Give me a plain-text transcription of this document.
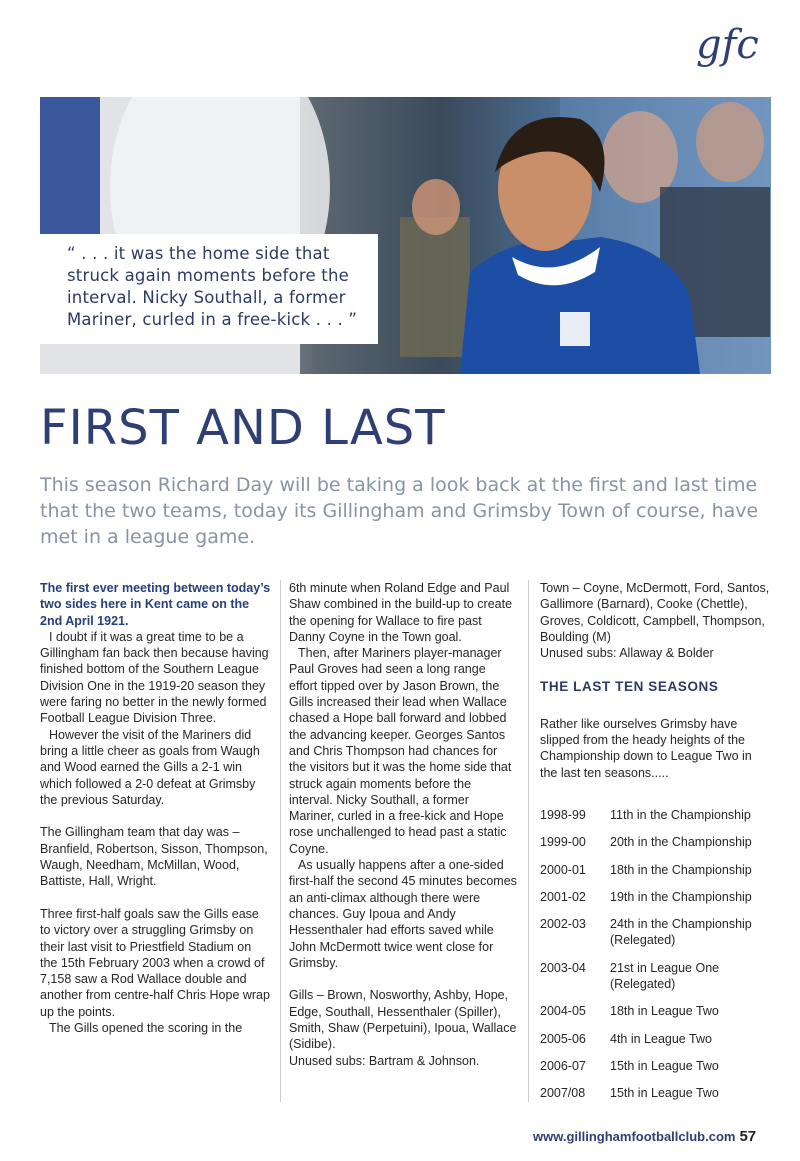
gfc

“ . . . it was the home side that struck again moments before the interval. Nicky Southall, a former Mariner, curled in a free-kick . . . ”

FIRST AND LAST

This season Richard Day will be taking a look back at the first and last time that the two teams, today its Gillingham and Grimsby Town of course, have met in a league game.

The first ever meeting between today’s two sides here in Kent came on the 2nd April 1921.

I doubt if it was a great time to be a Gillingham fan back then because having finished bottom of the Southern League Division One in the 1919-20 season they were faring no better in the newly formed Football League Division Three.

However the visit of the Mariners did bring a little cheer as goals from Waugh and Wood earned the Gills a 2-1 win which followed a 2-0 defeat at Grimsby the previous Saturday.

The Gillingham team that day was – Branfield, Robertson, Sisson, Thompson, Waugh, Needham, McMillan, Wood, Battiste, Hall, Wright.

Three first-half goals saw the Gills ease to victory over a struggling Grimsby on their last visit to Priestfield Stadium on the 15th February 2003 when a crowd of 7,158 saw a Rod Wallace double and another from centre-half Chris Hope wrap up the points.

The Gills opened the scoring in the

6th minute when Roland Edge and Paul Shaw combined in the build-up to create the opening for Wallace to fire past Danny Coyne in the Town goal.

Then, after Mariners player-manager Paul Groves had seen a long range effort tipped over by Jason Brown, the Gills increased their lead when Wallace chased a Hope ball forward and lobbed the advancing keeper. Georges Santos and Chris Thompson had chances for the visitors but it was the home side that struck again moments before the interval. Nicky Southall, a former Mariner, curled in a free-kick and Hope rose unchallenged to head past a static Coyne.

As usually happens after a one-sided first-half the second 45 minutes becomes an anti-climax although there were chances. Guy Ipoua and Andy Hessenthaler had efforts saved while John McDermott twice went close for Grimsby.

Gills – Brown, Nosworthy, Ashby, Hope, Edge, Southall, Hessenthaler (Spiller), Smith, Shaw (Perpetuini), Ipoua, Wallace (Sidibe).

Unused subs: Bartram & Johnson.

Town – Coyne, McDermott, Ford, Santos, Gallimore (Barnard), Cooke (Chettle), Groves, Coldicott, Campbell, Thompson, Boulding (M)

Unused subs: Allaway & Bolder

THE LAST TEN SEASONS

Rather like ourselves Grimsby have slipped from the heady heights of the Championship down to League Two in the last ten seasons.....

1998-99	11th in the Championship
1999-00	20th in the Championship
2000-01	18th in the Championship
2001-02	19th in the Championship
2002-03	24th in the Championship (Relegated)
2003-04	21st in League One (Relegated)
2004-05	18th in League Two
2005-06	4th in League Two
2006-07	15th in League Two
2007/08	15th in League Two
www.gillinghamfootballclub.com 57
